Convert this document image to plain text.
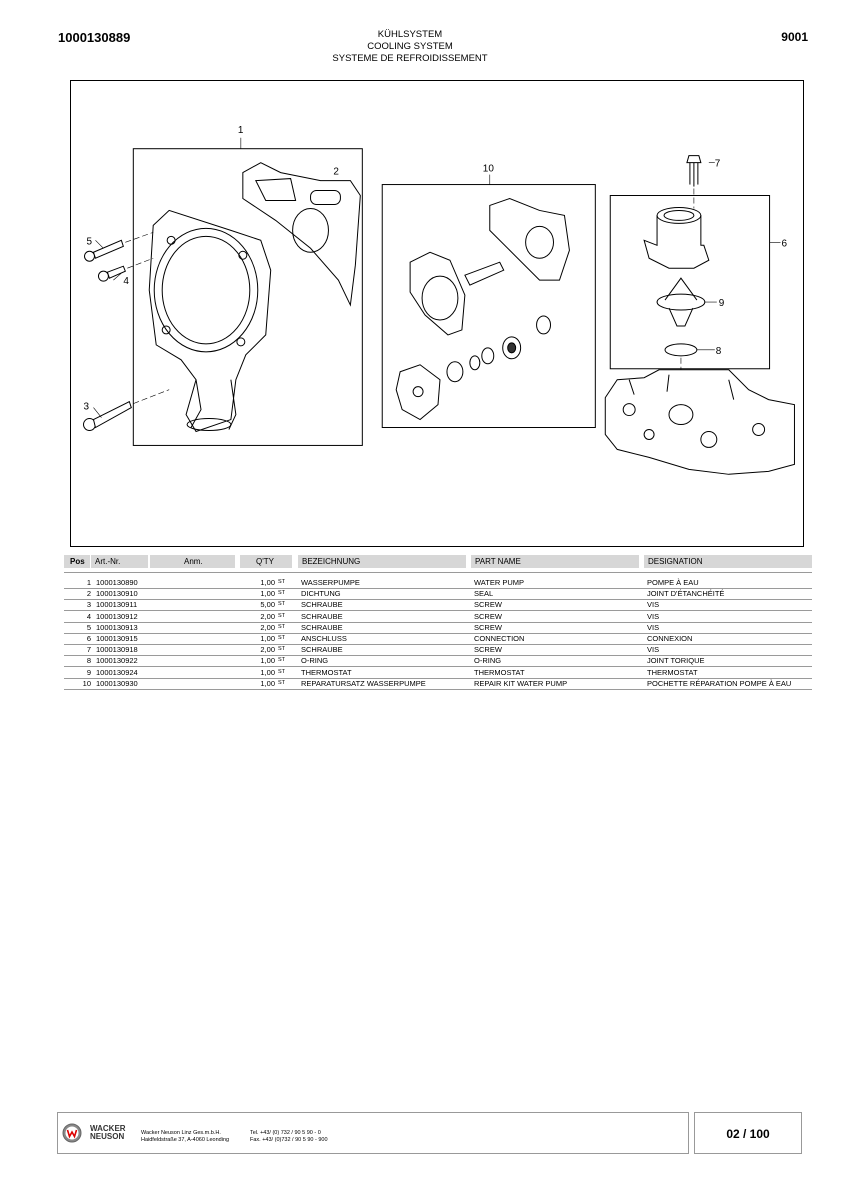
1000130889	KÜHLSYSTEM
COOLING SYSTEM
SYSTEME DE REFROIDISSEMENT
9001
1
2
3
4
5	6
7
8
9
10
Pos	Art.-Nr.	Anm.	Q'TY	BEZEICHNUNG	PART NAME	DESIGNATION
1 1000130890	1,00 ST WASSERPUMPE	WATER PUMP	POMPE À EAU
2 1000130910	1,00 ST DICHTUNG	SEAL	JOINT D'ÉTANCHÉITÉ
3 1000130911	5,00 ST SCHRAUBE	SCREW	VIS
4 1000130912	2,00 ST SCHRAUBE	SCREW	VIS
5 1000130913	2,00 ST SCHRAUBE	SCREW	VIS
6 1000130915	1,00 ST ANSCHLUSS	CONNECTION	CONNEXION
7 1000130918	2,00 ST SCHRAUBE	SCREW	VIS
8 1000130922	1,00 ST O-RING	O-RING	JOINT TORIQUE
9 1000130924	1,00 ST THERMOSTAT	THERMOSTAT	THERMOSTAT
10 1000130930	1,00 ST REPARATURSATZ WASSERPUMPE	REPAIR KIT WATER PUMP	POCHETTE RÉPARATION POMPE À EAU
WACKER
NEUSON	Wacker Neuson Linz Ges.m.b.H.
Haidfeldstraße 37, A-4060 Leonding
Tel. +43/ (0) 732 / 90 5 90 - 0
Fax. +43/ (0)732 / 90 5 90 - 900	02 / 100
